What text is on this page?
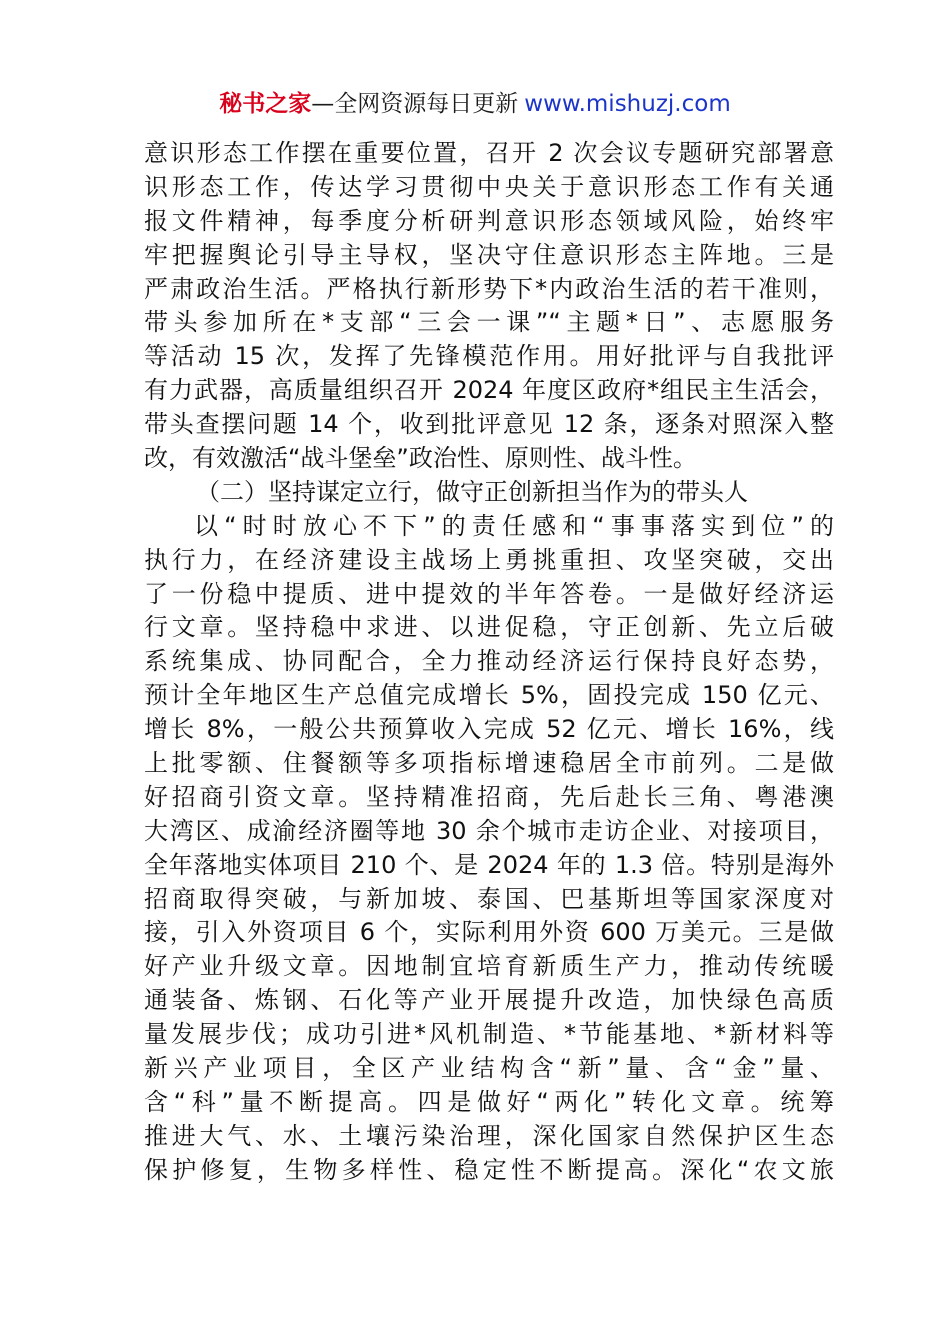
秘书之家—全网资源每日更新 www.mishuzj.com
意识形态工作摆在重要位置，召开 2 次会议专题研究部署意
识形态工作，传达学习贯彻中央关于意识形态工作有关通
报文件精神，每季度分析研判意识形态领域风险，始终牢
牢把握舆论引导主导权，坚决守住意识形态主阵地。三是
严肃政治生活。严格执行新形势下*内政治生活的若干准则，
带头参加所在*支部“三会一课”“主题*日”、志愿服务
等活动 15 次，发挥了先锋模范作用。用好批评与自我批评
有力武器，高质量组织召开 2024 年度区政府*组民主生活会，
带头查摆问题 14 个，收到批评意见 12 条，逐条对照深入整
改，有效激活“战斗堡垒”政治性、原则性、战斗性。
（二）坚持谋定立行，做守正创新担当作为的带头人
以“时时放心不下”的责任感和“事事落实到位”的
执行力，在经济建设主战场上勇挑重担、攻坚突破，交出
了一份稳中提质、进中提效的半年答卷。一是做好经济运
行文章。坚持稳中求进、以进促稳，守正创新、先立后破
系统集成、协同配合，全力推动经济运行保持良好态势，
预计全年地区生产总值完成增长 5%，固投完成 150 亿元、
增长 8%，一般公共预算收入完成 52 亿元、增长 16%，线
上批零额、住餐额等多项指标增速稳居全市前列。二是做
好招商引资文章。坚持精准招商，先后赴长三角、粤港澳
大湾区、成渝经济圈等地 30 余个城市走访企业、对接项目，
全年落地实体项目 210 个、是 2024 年的 1.3 倍。特别是海外
招商取得突破，与新加坡、泰国、巴基斯坦等国家深度对
接，引入外资项目 6 个，实际利用外资 600 万美元。三是做
好产业升级文章。因地制宜培育新质生产力，推动传统暖
通装备、炼钢、石化等产业开展提升改造，加快绿色高质
量发展步伐；成功引进*风机制造、*节能基地、*新材料等
新兴产业项目，全区产业结构含“新”量、含“金”量、
含“科”量不断提高。四是做好“两化”转化文章。统筹
推进大气、水、土壤污染治理，深化国家自然保护区生态
保护修复，生物多样性、稳定性不断提高。深化“农文旅
